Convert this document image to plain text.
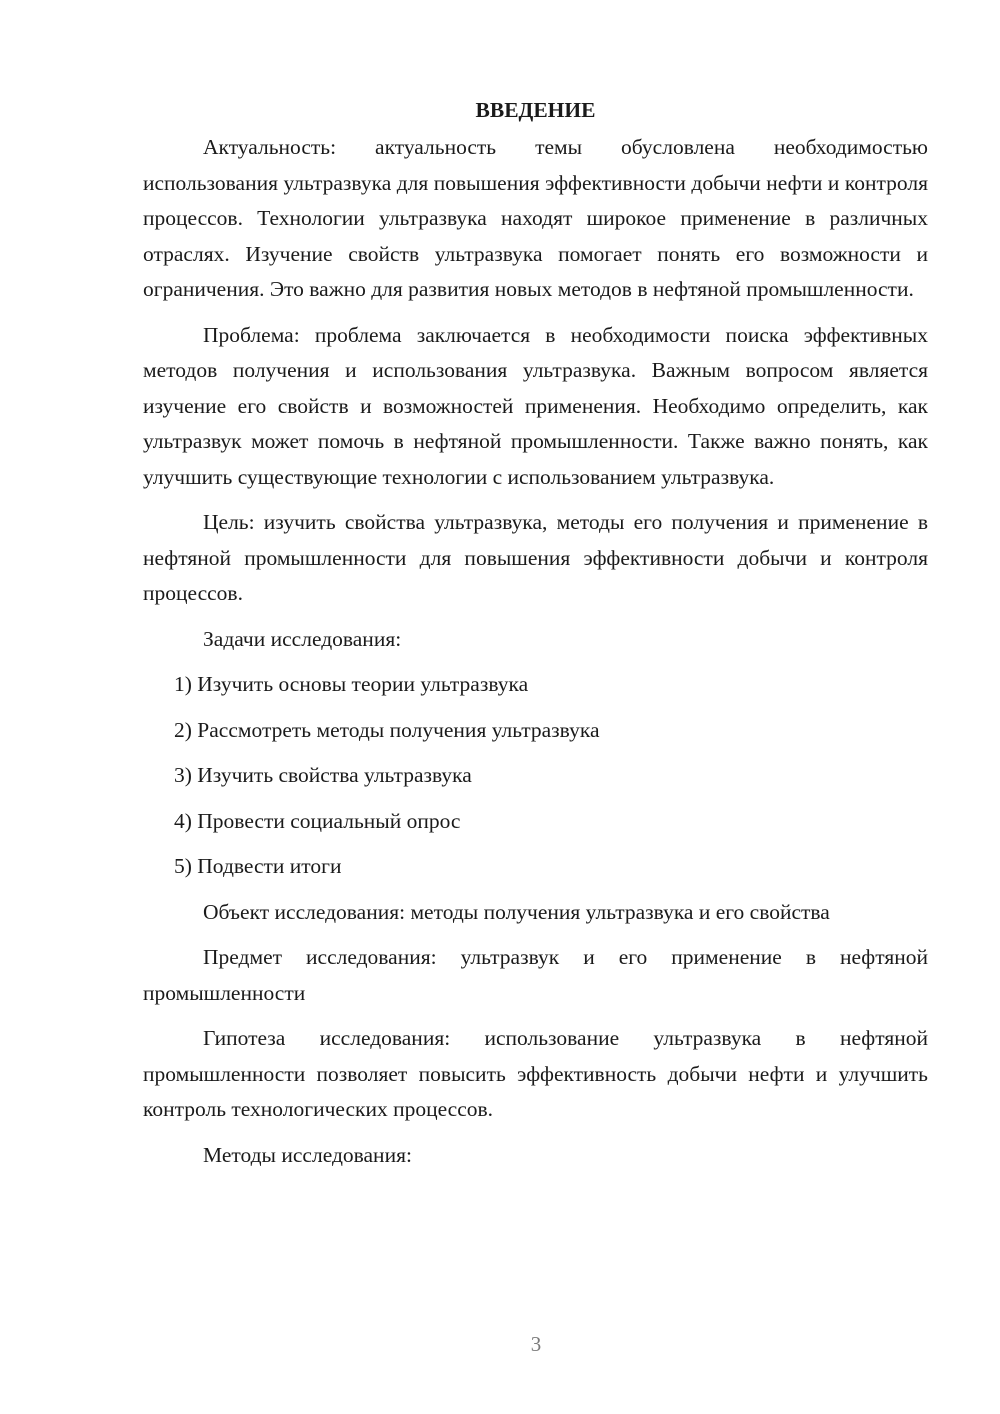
ВВЕДЕНИЕ

Актуальность: актуальность темы обусловлена необходимостью использования ультразвука для повышения эффективности добычи нефти и контроля процессов. Технологии ультразвука находят широкое применение в различных отраслях. Изучение свойств ультразвука помогает понять его возможности и ограничения. Это важно для развития новых методов в нефтяной промышленности.

Проблема: проблема заключается в необходимости поиска эффективных методов получения и использования ультразвука. Важным вопросом является изучение его свойств и возможностей применения. Необходимо определить, как ультразвук может помочь в нефтяной промышленности. Также важно понять, как улучшить существующие технологии с использованием ультразвука.

Цель: изучить свойства ультразвука, методы его получения и применение в нефтяной промышленности для повышения эффективности добычи и контроля процессов.

Задачи исследования:

1) Изучить основы теории ультразвука
2) Рассмотреть методы получения ультразвука
3) Изучить свойства ультразвука
4) Провести социальный опрос
5) Подвести итоги

Объект исследования: методы получения ультразвука и его свойства

Предмет исследования: ультразвук и его применение в нефтяной промышленности

Гипотеза исследования: использование ультразвука в нефтяной промышленности позволяет повысить эффективность добычи нефти и улучшить контроль технологических процессов.

Методы исследования:

3
